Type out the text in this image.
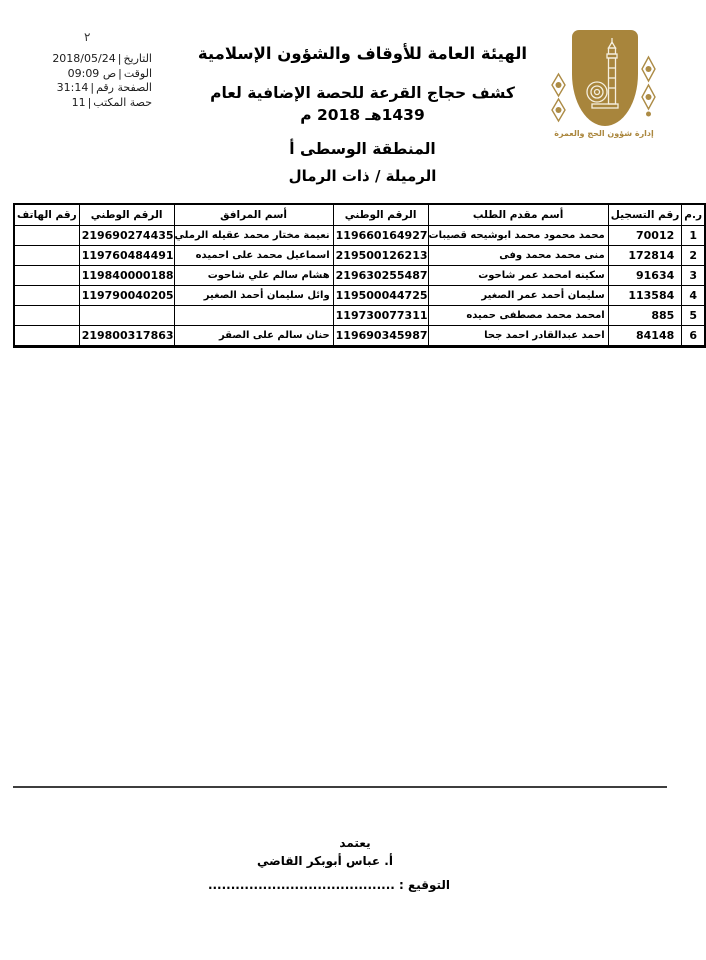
التاريخ|2018/05/24
الوقت|09:09 ص
الصفحة رقم|31:14
حصة المكتب|11
٢
الهيئة العامة للأوقاف والشؤون الإسلامية
كشف حجاج القرعة للحصة الإضافية لعام
1439هـ 2018 م
المنطقة الوسطى أ
الرميلة / ذات الرمال
إدارة شؤون الحج والعمرة
ر.م	رقم التسجيل	أسم مقدم الطلب	الرقم الوطني	أسم المرافق	الرقم الوطني	رقم الهاتف
1	70012	محمد محمود محمد ابوشيحه قصيبات	119660164927	نعيمة مختار محمد عقيله الرملي	219690274435	
2	172814	منى محمد محمد وفى	219500126213	اسماعيل محمد على احميده	119760484491	
3	91634	سكينه امحمد عمر شاحوت	219630255487	هشام سالم علي شاحوت	119840000188	
4	113584	سليمان أحمد عمر الصغير	119500044725	وائل سليمان أحمد الصغير	119790040205	
5	885	امحمد محمد مصطفى حميده	119730077311			
6	84148	احمد عبدالقادر احمد جحا	119690345987	حنان سالم على الصقر	219800317863	
يعتمد
أ. عباس أبوبكر القاضي
التوقيع : .........................................
